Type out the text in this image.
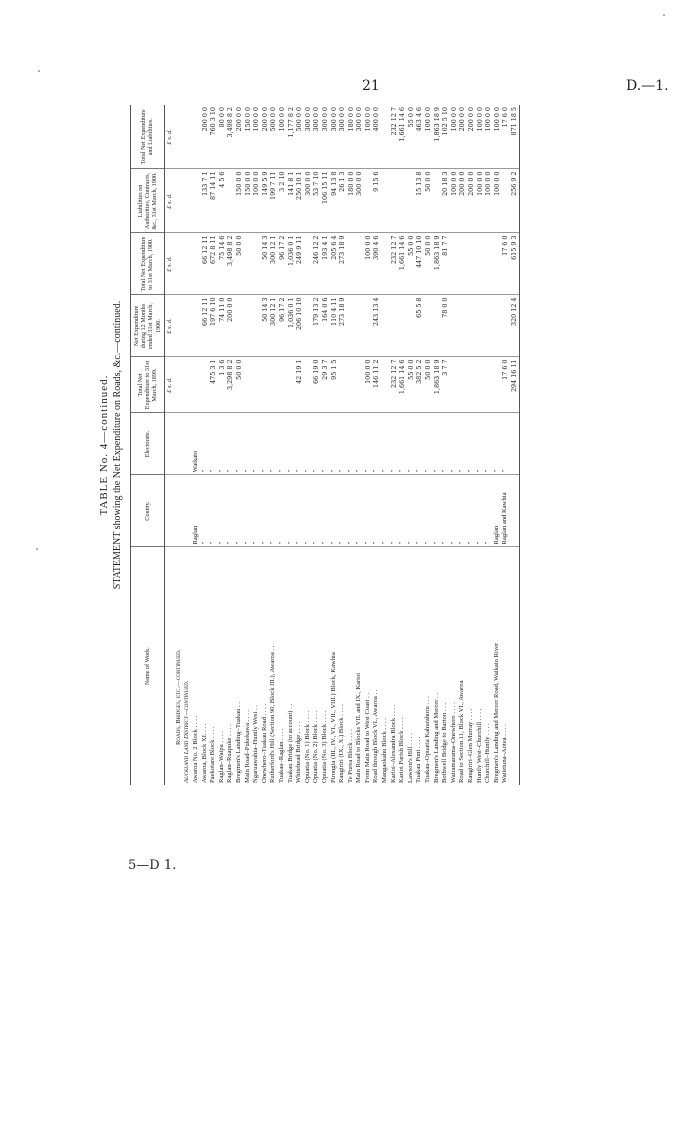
21	D.—1.
5—D 1.
TABLE No. 4—continued. STATEMENT showing the Net Expenditure on Roads, &c.—continued.
Name of Work.	County.	Electorate.	Total Net Expenditure to 31st March, 1899.	Net Expenditure during 12 Months ended 31st March, 1900.	Total Net Expenditure to 31st March, 1900.	Liabilities on Authorities, Contracts, &c., 31st March, 1900.	Total Net Expenditure and Liabilities.
			£ s. d.	£ s. d.	£ s. d.	£ s. d.	£ s. d.
Roads, Bridges, etc.—continued.							
Auckland Land District—continued.							
Awaroa No. 2 Block . . . .	Raglan	Waikato					
Awaroa, Block XI. . . .	"	"		66 12 11	66 12 11	133 7 1	200 0 0
Paekotare Block . . . .	"	"	475 3 1	197 6 10	672 8 11	87 14 11	760 3 10
Raglan–Waipa . . . .	"	"	1 3 6	74 11 0	75 14 6	4 5 6	80 0 0
Raglan–Ruapuke . . . .	"	"	3,298 8 2	200 0 0	3,498 8 2		3,498 8 2
Bregmen's Landing–Tuakau . .	"	"	50 0 0		50 0 0	150 0 0	200 0 0
Main Road–Pukekawa . . . .	"	"				150 0 0	150 0 0
Ngaruawahia–Huntly West . .	"	"				100 0 0	100 0 0
Onewhero–Tuakau Road . . . .	"	"		50 14 3	50 14 3	149 5 9	200 0 0
Rutherford's Hill (Section 90, Block III.), Awaroa . .	"	"		300 12 1	300 12 1	199 7 11	500 0 0
Tuakau–Raglan . . . .	"	"		96 17 2	96 17 2	3 2 10	100 0 0
Tuakau Bridge (to account) . .	"	"		1,036 0 1	1,036 0 1	141 8 1	1,177 8 2
Whitehead Bridge . . . .	"	"	42 19 1	206 10 10	249 9 11	250 10 1	500 0 0
Opuatia (No. 1) Block . . . .	"	"				300 0 0	300 0 0
Opuatia (No. 2) Block . . . .	"	"	66 19 0	179 13 2	246 12 2	53 7 10	300 0 0
Opuatia (No. 3) Block . . . .	"	"	29 3 7	164 0 6	193 4 1	106 15 11	300 0 0
Pirongia (III., IV., VI., VII., VIII.) Block, Kawhia	"	"	95 1 5	110 4 11	205 6 4	94 13 8	300 0 0
Rangiriri (IX., X.) Block . . . .	"	"		273 18 9	273 18 9	26 1 3	300 0 0
Te Purea Block . . . .	"	"				180 0 0	180 0 0
Main Road to Blocks VII. and IX., Karioi	"	"				300 0 0	300 0 0
From Main Road to West Coast . .	"	"	100 0 0		100 0 0		100 0 0
Road through Block VI., Awaroa . .	"	"	146 11 2	243 13 4	390 4 6	9 15 6	400 0 0
Mangaokahu Block . . . .	"	"					
Karioi–Alexandra Block . . . .	"	"	232 12 7		232 12 7		232 12 7
Karioi Parish Block . . . .	"	"	1,661 14 6		1,661 14 6		1,661 14 6
Lawson's Hill . . . .	"	"	55 0 0		55 0 0		55 0 0
Tuakau Punt . . . .	"	"	382 5 2	65 5 8	447 10 10	15 13 8	463 4 6
Tuakau–Opuatia Kahurahuru . . .	"	"	50 0 0		50 0 0	50 0 0	100 0 0
Bregmen's Landing and Mercer . .	"	"	1,863 18 9		1,863 18 9		1,863 18 9
Bothwell Bridge to Barton . . .	"	"	3 7 7	78 0 0	81 7 7	20 18 3	102 5 10
Wairamarama–Onewhero . . . .	"	"				100 0 0	100 0 0
Road to Section 11, Block VI., Awaroa	"	"				200 0 0	200 0 0
Rangiriri–Glen Murray . . . .	"	"				200 0 0	200 0 0
Huntly West–Churchill . . . .	"	"				100 0 0	100 0 0
Churchill–Huntly . . . .	"	"				100 0 0	100 0 0
Bregmen's Landing and Mercer Road, Waikato River	Raglan	"				100 0 0	100 0 0
Waitetuna–Aotea . . . .	Raglan and Kawhia	"	17 6 0		17 6 0		17 6 0
			294 16 11	320 12 4	615 9 3	256 9 2	871 18 5
